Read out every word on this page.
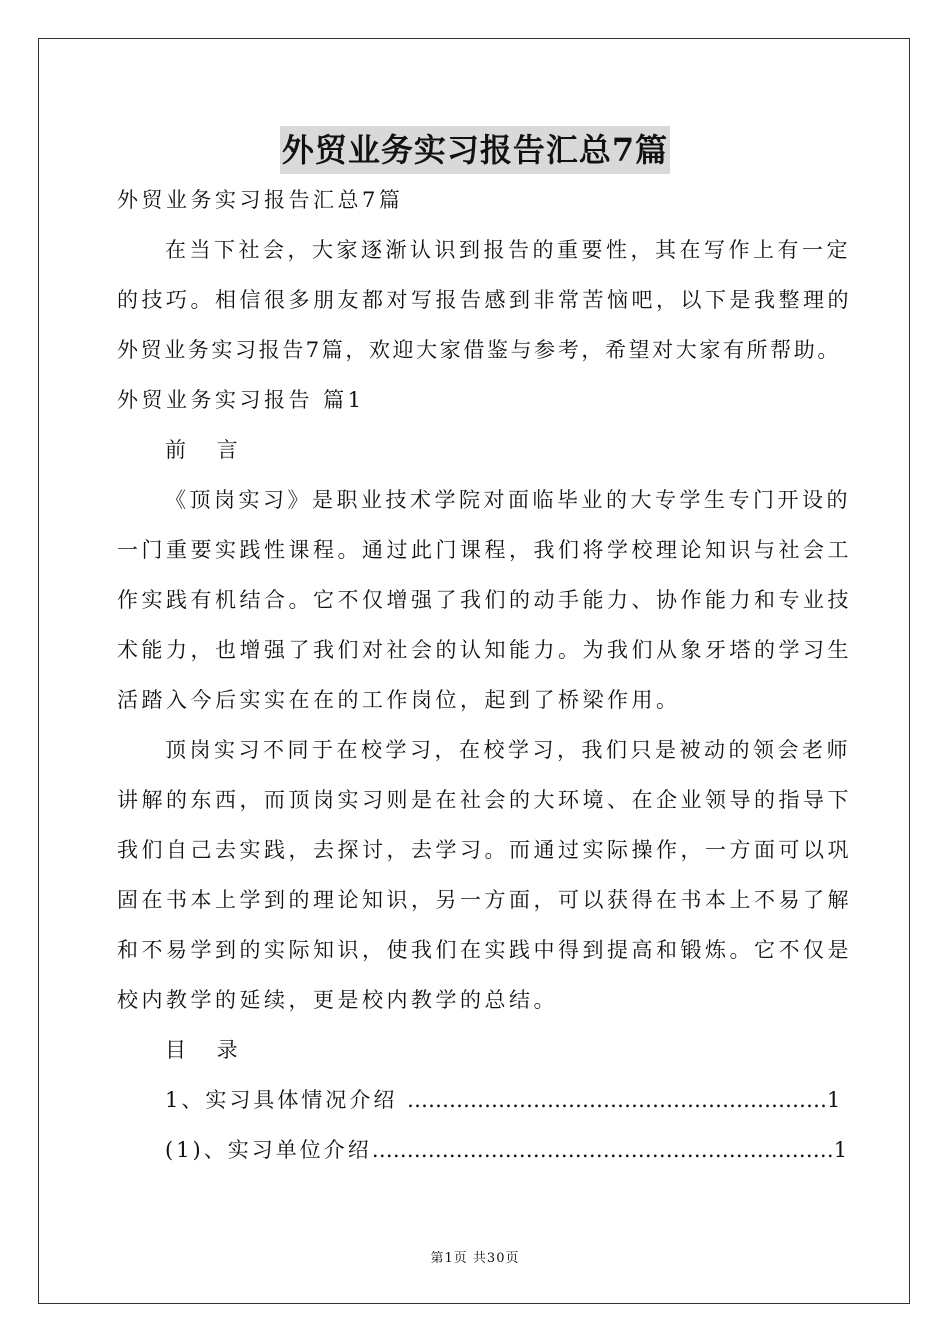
外贸业务实习报告汇总7篇
外贸业务实习报告汇总7篇
在当下社会，大家逐渐认识到报告的重要性，其在写作上有一定
的技巧。相信很多朋友都对写报告感到非常苦恼吧，以下是我整理的
外贸业务实习报告7篇，欢迎大家借鉴与参考，希望对大家有所帮助。
外贸业务实习报告 篇1
前 言
《顶岗实习》是职业技术学院对面临毕业的大专学生专门开设的
一门重要实践性课程。通过此门课程，我们将学校理论知识与社会工
作实践有机结合。它不仅增强了我们的动手能力、协作能力和专业技
术能力，也增强了我们对社会的认知能力。为我们从象牙塔的学习生
活踏入今后实实在在的工作岗位，起到了桥梁作用。
顶岗实习不同于在校学习，在校学习，我们只是被动的领会老师
讲解的东西，而顶岗实习则是在社会的大环境、在企业领导的指导下
我们自己去实践，去探讨，去学习。而通过实际操作，一方面可以巩
固在书本上学到的理论知识，另一方面，可以获得在书本上不易了解
和不易学到的实际知识，使我们在实践中得到提高和锻炼。它不仅是
校内教学的延续，更是校内教学的总结。
目 录
1、实习具体情况介绍 ……………………………………………………1
(1)、实习单位介绍…………………………………………………………1
第1页 共30页
